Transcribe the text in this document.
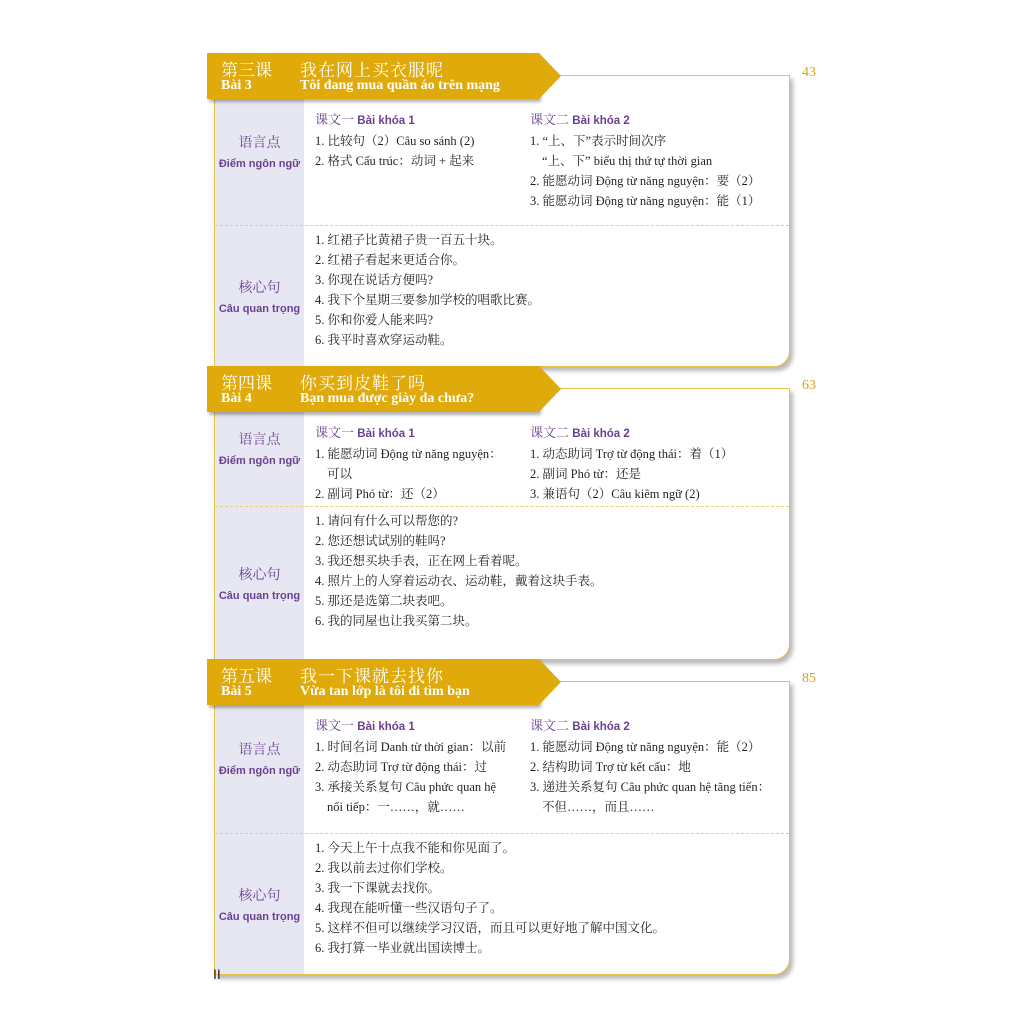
第三课 我在网上买衣服呢
Bài 3	Tôi đang mua quần áo trên mạng
43
语言点
Điểm ngôn ngữ
课文一 Bài khóa 1
1. 比较句（2）Câu so sánh (2)
2. 格式 Cấu trúc：动词 + 起来
课文二 Bài khóa 2
1. “上、下”表示时间次序
“上、下” biểu thị thứ tự thời gian
2. 能愿动词 Động từ năng nguyện：要（2）
3. 能愿动词 Động từ năng nguyện：能（1）
核心句
Câu quan trọng
1. 红裙子比黄裙子贵一百五十块。
2. 红裙子看起来更适合你。
3. 你现在说话方便吗?
4. 我下个星期三要参加学校的唱歌比赛。
5. 你和你爱人能来吗?
6. 我平时喜欢穿运动鞋。
第四课 你买到皮鞋了吗
Bài 4	Bạn mua được giày da chưa?
63
语言点
Điểm ngôn ngữ
课文一 Bài khóa 1
1. 能愿动词 Động từ năng nguyện：
可以
2. 副词 Phó từ：还（2）
课文二 Bài khóa 2
1. 动态助词 Trợ từ động thái：着（1）
2. 副词 Phó từ：还是
3. 兼语句（2）Câu kiêm ngữ (2)
核心句
Câu quan trọng
1. 请问有什么可以帮您的?
2. 您还想试试别的鞋吗?
3. 我还想买块手表，正在网上看着呢。
4. 照片上的人穿着运动衣、运动鞋，戴着这块手表。
5. 那还是选第二块表吧。
6. 我的同屋也让我买第二块。
第五课 我一下课就去找你
Bài 5	Vừa tan lớp là tôi đi tìm bạn
85
语言点
Điểm ngôn ngữ
课文一 Bài khóa 1
1. 时间名词 Danh từ thời gian：以前
2. 动态助词 Trợ từ động thái：过
3. 承接关系复句 Câu phức quan hệ
nối tiếp：一……，就……
课文二 Bài khóa 2
1. 能愿动词 Động từ năng nguyện：能（2）
2. 结构助词 Trợ từ kết cấu：地
3. 递进关系复句 Câu phức quan hệ tăng tiến：
不但……，而且……
核心句
Câu quan trọng
1. 今天上午十点我不能和你见面了。
2. 我以前去过你们学校。
3. 我一下课就去找你。
4. 我现在能听懂一些汉语句子了。
5. 这样不但可以继续学习汉语，而且可以更好地了解中国文化。
6. 我打算一毕业就出国读博士。
II
